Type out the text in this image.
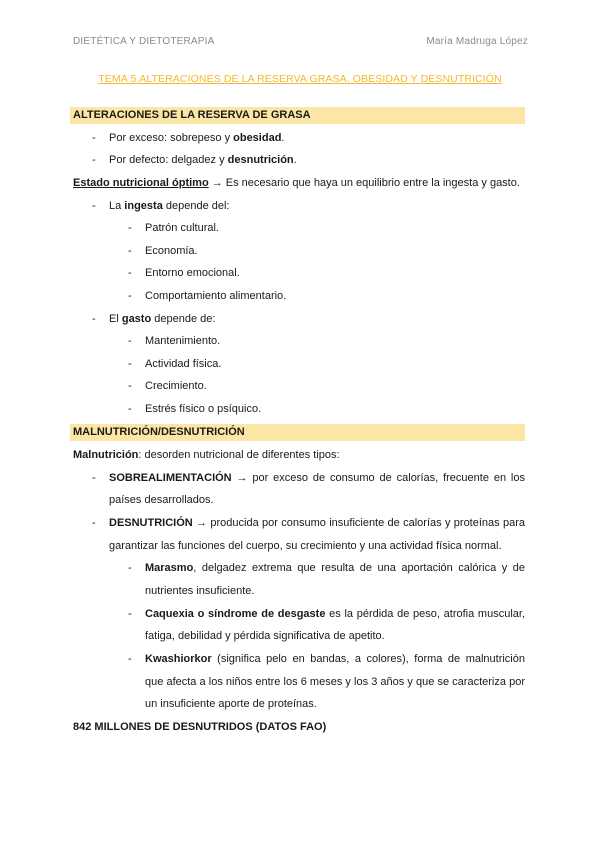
DIETÉTICA Y DIETOTERAPIA	María Madruga López
TEMA 5.ALTERACIONES DE LA RESERVA GRASA. OBESIDAD Y DESNUTRICIÓN
ALTERACIONES DE LA RESERVA DE GRASA
- Por exceso: sobrepeso y obesidad.
- Por defecto: delgadez y desnutrición.
Estado nutricional óptimo → Es necesario que haya un equilibrio entre la ingesta y gasto.
- La ingesta depende del:
- Patrón cultural.
- Economía.
- Entorno emocional.
- Comportamiento alimentario.
- El gasto depende de:
- Mantenimiento.
- Actividad física.
- Crecimiento.
- Estrés físico o psíquico.
MALNUTRICIÓN/DESNUTRICIÓN
Malnutrición: desorden nutricional de diferentes tipos:
- SOBREALIMENTACIÓN → por exceso de consumo de calorías, frecuente en los
países desarrollados.
- DESNUTRICIÓN → producida por consumo insuficiente de calorías y proteínas para
garantizar las funciones del cuerpo, su crecimiento y una actividad física normal.
- Marasmo, delgadez extrema que resulta de una aportación calórica y de
nutrientes insuficiente.
- Caquexia o síndrome de desgaste es la pérdida de peso, atrofia muscular,
fatiga, debilidad y pérdida significativa de apetito.
- Kwashiorkor (significa pelo en bandas, a colores), forma de malnutrición
que afecta a los niños entre los 6 meses y los 3 años y que se caracteriza por
un insuficiente aporte de proteínas.
842 MILLONES DE DESNUTRIDOS (DATOS FAO)
